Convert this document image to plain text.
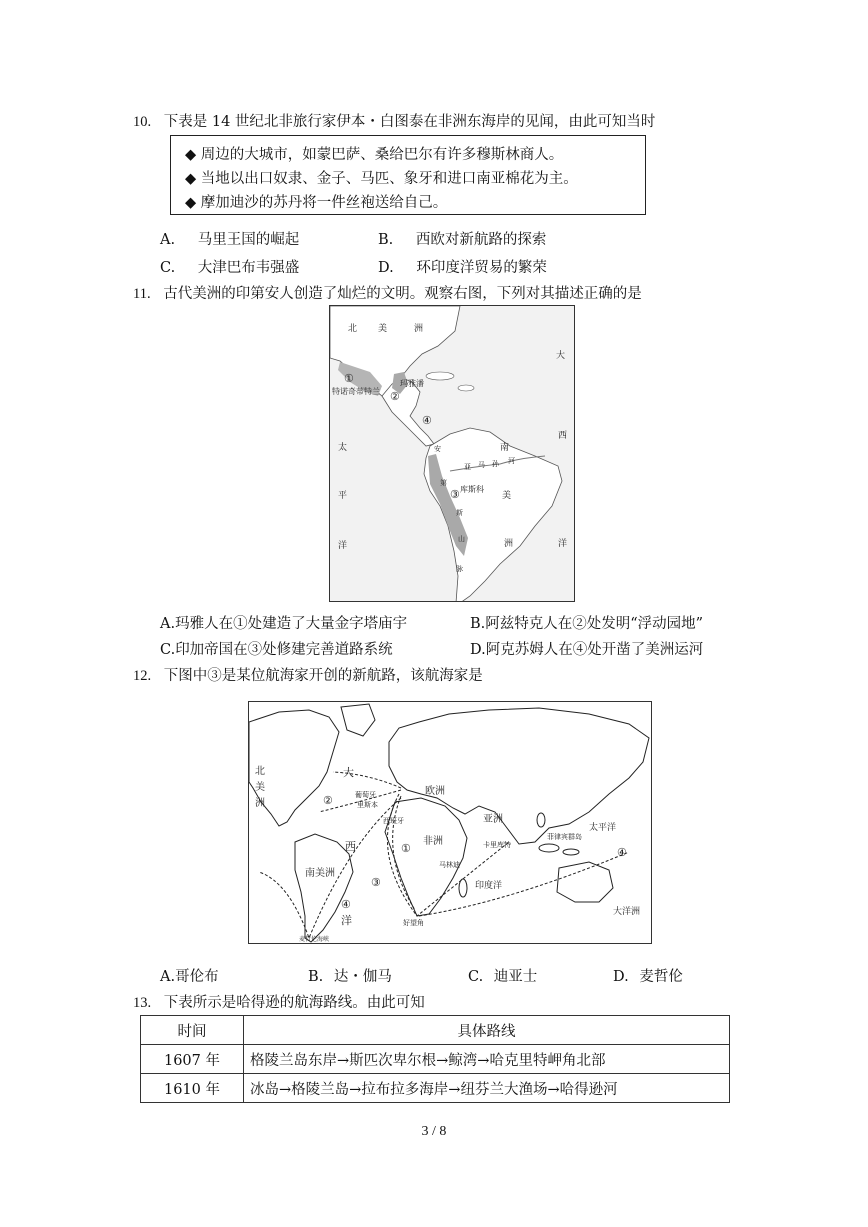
10. 下表是 14 世纪北非旅行家伊本・白图泰在非洲东海岸的见闻，由此可知当时
◆ 周边的大城市，如蒙巴萨、桑给巴尔有许多穆斯林商人。
◆ 当地以出口奴隶、金子、马匹、象牙和进口南亚棉花为主。
◆ 摩加迪沙的苏丹将一件丝袍送给自己。
A. 马里王国的崛起	B. 西欧对新航路的探索
C. 大津巴布韦强盛	D. 环印度洋贸易的繁荣
11. 古代美洲的印第安人创造了灿烂的文明。观察右图，下列对其描述正确的是
北 美	洲
大
西
洋
太
平
洋
南
美
洲
玛雅潘
特诺奇蒂特兰
库斯科
亚 马 孙 河
安
第
斯
山
脉
①
②
③
④
A.玛雅人在①处建造了大量金字塔庙宇	B.阿兹特克人在②处发明“浮动园地”
C.印加帝国在③处修建完善道路系统	D.阿克苏姆人在④处开凿了美洲运河
12. 下图中③是某位航海家开创的新航路，该航海家是
北
美
洲
大
西
洋
欧洲
亚洲
非洲
南美洲
太平洋
印度洋
大洋洲
葡萄牙
里斯本
西班牙
卡里库特
菲律宾群岛
马林迪
好望角
麦哲伦海峡
①
②
③
④
④
A.哥伦布	B. 达・伽马	C. 迪亚士	D. 麦哲伦
13. 下表所示是哈得逊的航海路线。由此可知
时间	具体路线
1607 年	格陵兰岛东岸→斯匹次卑尔根→鲸湾→哈克里特岬角北部
1610 年	冰岛→格陵兰岛→拉布拉多海岸→纽芬兰大渔场→哈得逊河
3 / 8
